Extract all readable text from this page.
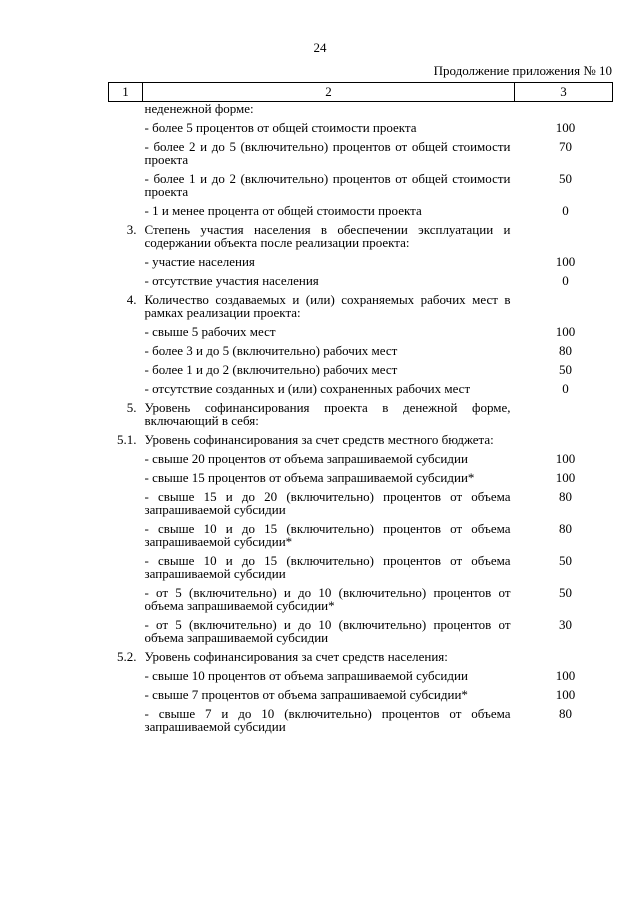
24
Продолжение приложения № 10
1	2	3
	неденежной форме:	
	- более 5 процентов от общей стоимости проекта	100
	- более 2 и до 5 (включительно) процентов от общей стоимости проекта	70
	- более 1 и до 2 (включительно) процентов от общей стоимости проекта	50
	- 1 и менее процента от общей стоимости проекта	0
3.	Степень участия населения в обеспечении эксплуатации и содержании объекта после реализации проекта:	
	- участие населения	100
	- отсутствие участия населения	0
4.	Количество создаваемых и (или) сохраняемых рабочих мест в рамках реализации проекта:	
	- свыше 5 рабочих мест	100
	- более 3 и до 5 (включительно) рабочих мест	80
	- более 1 и до 2 (включительно) рабочих мест	50
	- отсутствие созданных и (или) сохраненных рабочих мест	0
5.	Уровень софинансирования проекта в денежной форме, включающий в себя:	
5.1.	Уровень софинансирования за счет средств местного бюджета:	
	- свыше 20 процентов от объема запрашиваемой субсидии	100
	- свыше 15 процентов от объема запрашиваемой субсидии*	100
	- свыше 15 и до 20 (включительно) процентов от объема запрашиваемой субсидии	80
	- свыше 10 и до 15 (включительно) процентов от объема запрашиваемой субсидии*	80
	- свыше 10 и до 15 (включительно) процентов от объема запрашиваемой субсидии	50
	- от 5 (включительно) и до 10 (включительно) процентов от объема запрашиваемой субсидии*	50
	- от 5 (включительно) и до 10 (включительно) процентов от объема запрашиваемой субсидии	30
5.2.	Уровень софинансирования за счет средств населения:	
	- свыше 10 процентов от объема запрашиваемой субсидии	100
	- свыше 7 процентов от объема запрашиваемой субсидии*	100
	- свыше 7 и до 10 (включительно) процентов от объема запрашиваемой субсидии	80
